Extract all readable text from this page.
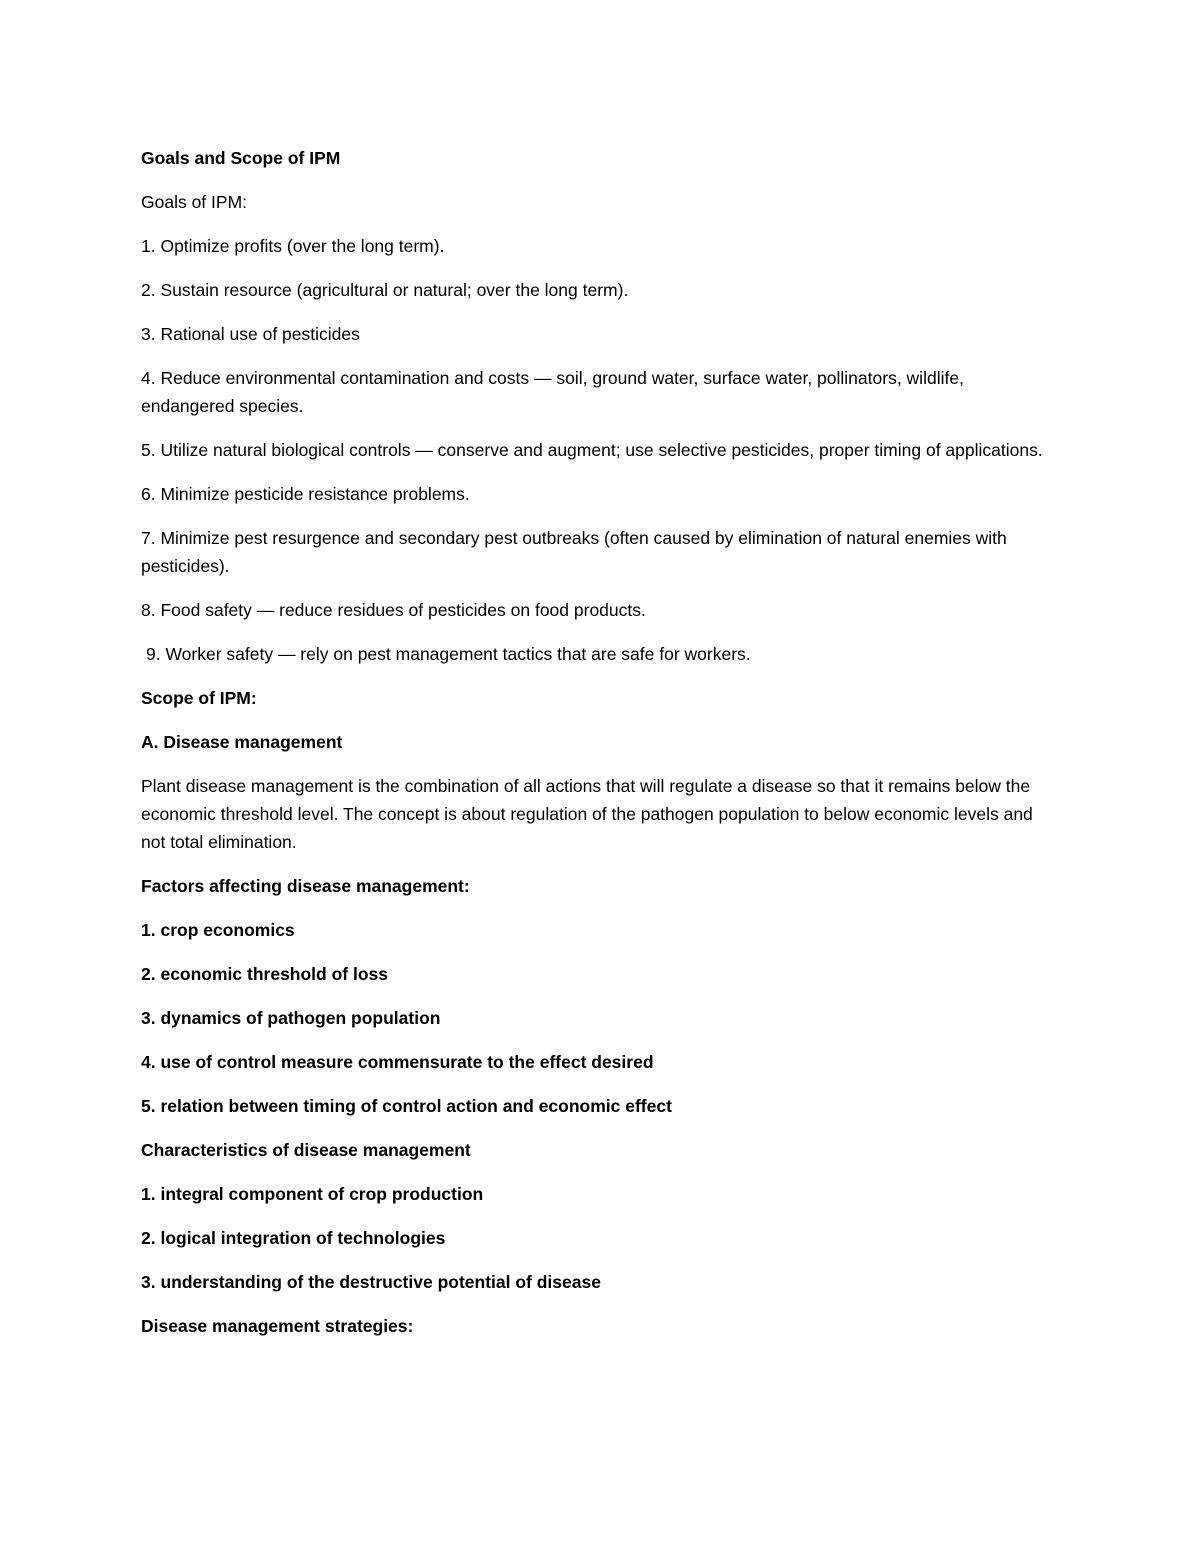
Goals and Scope of IPM

Goals of IPM:

1. Optimize profits (over the long term).

2. Sustain resource (agricultural or natural; over the long term).

3. Rational use of pesticides

4. Reduce environmental contamination and costs — soil, ground water, surface water, pollinators, wildlife, endangered species.

5. Utilize natural biological controls — conserve and augment; use selective pesticides, proper timing of applications.

6. Minimize pesticide resistance problems.

7. Minimize pest resurgence and secondary pest outbreaks (often caused by elimination of natural enemies with pesticides).

8. Food safety — reduce residues of pesticides on food products.

9. Worker safety — rely on pest management tactics that are safe for workers.

Scope of IPM:

A. Disease management

Plant disease management is the combination of all actions that will regulate a disease so that it remains below the economic threshold level. The concept is about regulation of the pathogen population to below economic levels and not total elimination.

Factors affecting disease management:

1. crop economics

2. economic threshold of loss

3. dynamics of pathogen population

4. use of control measure commensurate to the effect desired

5. relation between timing of control action and economic effect

Characteristics of disease management

1. integral component of crop production

2. logical integration of technologies

3. understanding of the destructive potential of disease

Disease management strategies:
